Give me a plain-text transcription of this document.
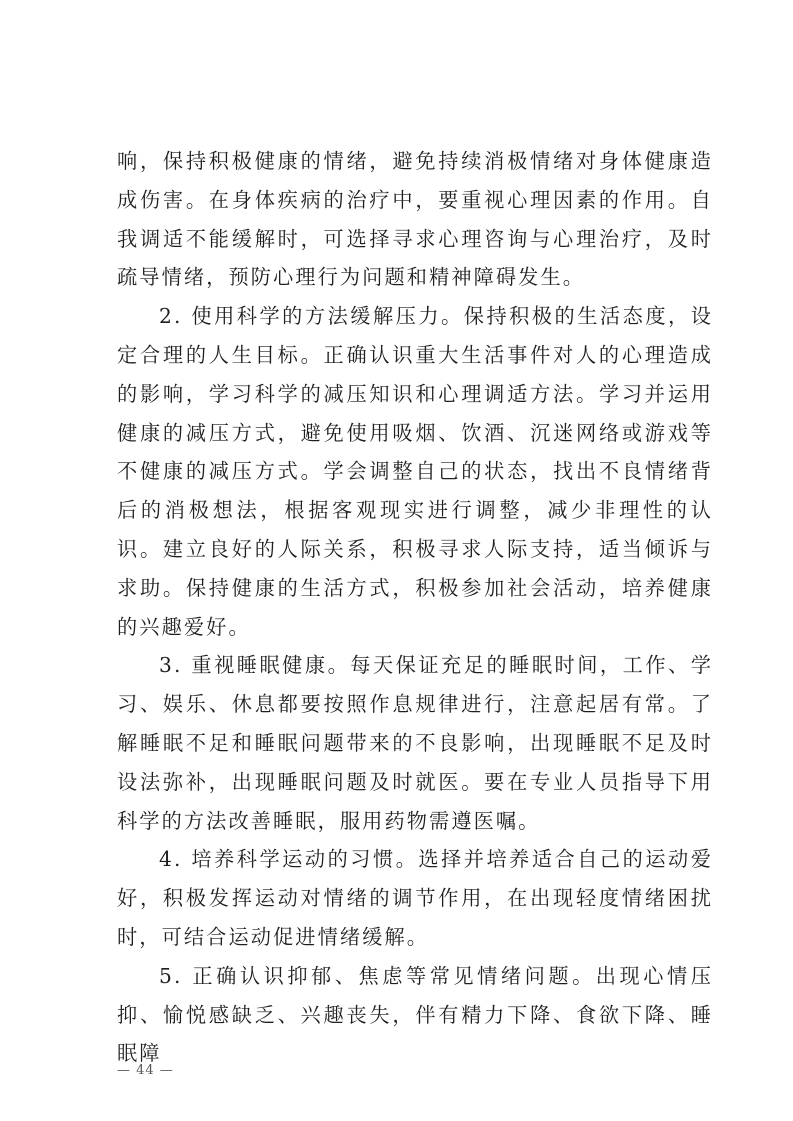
响，保持积极健康的情绪，避免持续消极情绪对身体健康造成伤害。在身体疾病的治疗中，要重视心理因素的作用。自我调适不能缓解时，可选择寻求心理咨询与心理治疗，及时疏导情绪，预防心理行为问题和精神障碍发生。

2. 使用科学的方法缓解压力。保持积极的生活态度，设定合理的人生目标。正确认识重大生活事件对人的心理造成的影响，学习科学的减压知识和心理调适方法。学习并运用健康的减压方式，避免使用吸烟、饮酒、沉迷网络或游戏等不健康的减压方式。学会调整自己的状态，找出不良情绪背后的消极想法，根据客观现实进行调整，减少非理性的认识。建立良好的人际关系，积极寻求人际支持，适当倾诉与求助。保持健康的生活方式，积极参加社会活动，培养健康的兴趣爱好。

3. 重视睡眠健康。每天保证充足的睡眠时间，工作、学习、娱乐、休息都要按照作息规律进行，注意起居有常。了解睡眠不足和睡眠问题带来的不良影响，出现睡眠不足及时设法弥补，出现睡眠问题及时就医。要在专业人员指导下用科学的方法改善睡眠，服用药物需遵医嘱。

4. 培养科学运动的习惯。选择并培养适合自己的运动爱好，积极发挥运动对情绪的调节作用，在出现轻度情绪困扰时，可结合运动促进情绪缓解。

5. 正确认识抑郁、焦虑等常见情绪问题。出现心情压抑、愉悦感缺乏、兴趣丧失，伴有精力下降、食欲下降、睡眠障

— 44 —
